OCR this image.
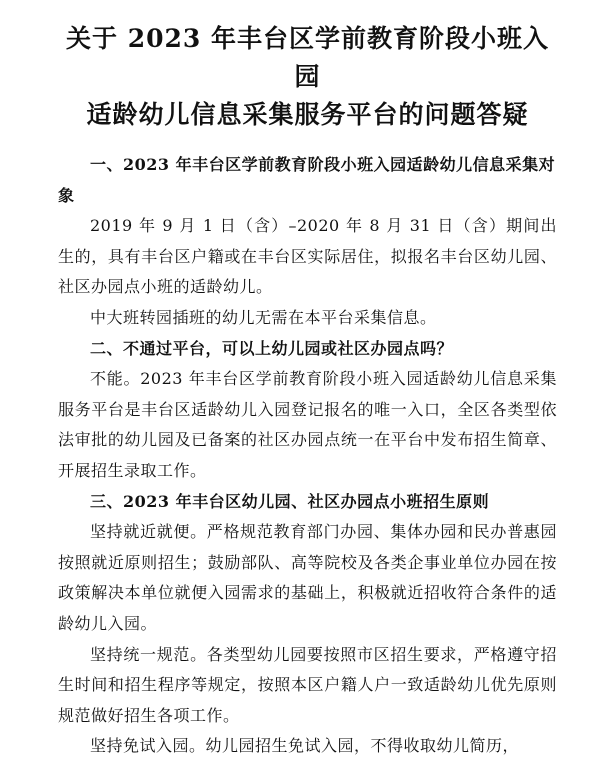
关于 2023 年丰台区学前教育阶段小班入园
适龄幼儿信息采集服务平台的问题答疑

一、2023 年丰台区学前教育阶段小班入园适龄幼儿信息采集对象

2019 年 9 月 1 日（含）–2020 年 8 月 31 日（含）期间出生的，具有丰台区户籍或在丰台区实际居住，拟报名丰台区幼儿园、社区办园点小班的适龄幼儿。

中大班转园插班的幼儿无需在本平台采集信息。

二、不通过平台，可以上幼儿园或社区办园点吗？

不能。2023 年丰台区学前教育阶段小班入园适龄幼儿信息采集服务平台是丰台区适龄幼儿入园登记报名的唯一入口，全区各类型依法审批的幼儿园及已备案的社区办园点统一在平台中发布招生简章、开展招生录取工作。

三、2023 年丰台区幼儿园、社区办园点小班招生原则

坚持就近就便。严格规范教育部门办园、集体办园和民办普惠园按照就近原则招生；鼓励部队、高等院校及各类企事业单位办园在按政策解决本单位就便入园需求的基础上，积极就近招收符合条件的适龄幼儿入园。

坚持统一规范。各类型幼儿园要按照市区招生要求，严格遵守招生时间和招生程序等规定，按照本区户籍人户一致适龄幼儿优先原则规范做好招生各项工作。

坚持免试入园。幼儿园招生免试入园，不得收取幼儿简历，
